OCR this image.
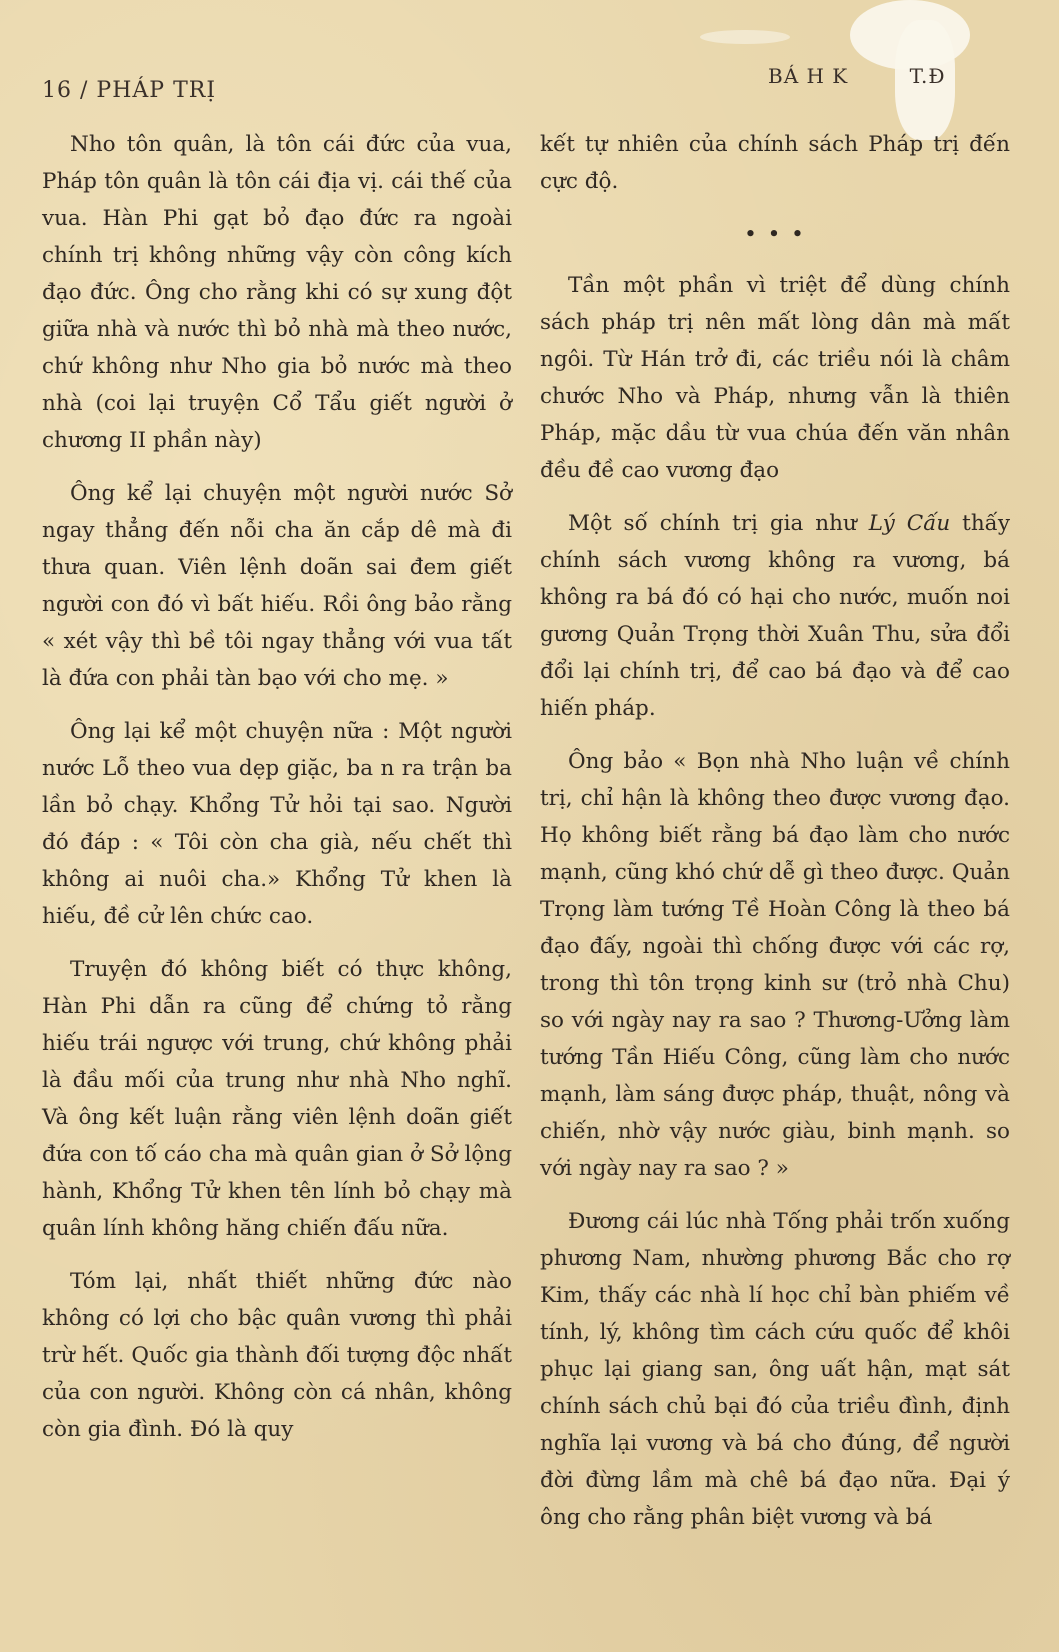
16 / PHÁP TRỊ
BÁ H K	T.Đ

Nho tôn quân, là tôn cái đức của vua, Pháp tôn quân là tôn cái địa vị. cái thế của vua. Hàn Phi gạt bỏ đạo đức ra ngoài chính trị không những vậy còn công kích đạo đức. Ông cho rằng khi có sự xung đột giữa nhà và nước thì bỏ nhà mà theo nước, chứ không như Nho gia bỏ nước mà theo nhà (coi lại truyện Cổ Tẩu giết người ở chương II phần này)

Ông kể lại chuyện một người nước Sở ngay thẳng đến nỗi cha ăn cắp dê mà đi thưa quan. Viên lệnh doãn sai đem giết người con đó vì bất hiếu. Rồi ông bảo rằng « xét vậy thì bề tôi ngay thẳng với vua tất là đứa con phải tàn bạo với cho mẹ. »

Ông lại kể một chuyện nữa : Một người nước Lỗ theo vua dẹp giặc, ba n ra trận ba lần bỏ chạy. Khổng Tử hỏi tại sao. Người đó đáp : « Tôi còn cha già, nếu chết thì không ai nuôi cha.» Khổng Tử khen là hiếu, đề cử lên chức cao.

Truyện đó không biết có thực không, Hàn Phi dẫn ra cũng để chứng tỏ rằng hiếu trái ngược với trung, chứ không phải là đầu mối của trung như nhà Nho nghĩ. Và ông kết luận rằng viên lệnh doãn giết đứa con tố cáo cha mà quân gian ở Sở lộng hành, Khổng Tử khen tên lính bỏ chạy mà quân lính không hăng chiến đấu nữa.

Tóm lại, nhất thiết những đức nào không có lợi cho bậc quân vương thì phải trừ hết. Quốc gia thành đối tượng độc nhất của con người. Không còn cá nhân, không còn gia đình. Đó là quy

kết tự nhiên của chính sách Pháp trị đến cực độ.

• • •

Tần một phần vì triệt để dùng chính sách pháp trị nên mất lòng dân mà mất ngôi. Từ Hán trở đi, các triều nói là châm chước Nho và Pháp, nhưng vẫn là thiên Pháp, mặc dầu từ vua chúa đến văn nhân đều đề cao vương đạo

Một số chính trị gia như Lý Cấu thấy chính sách vương không ra vương, bá không ra bá đó có hại cho nước, muốn noi gương Quản Trọng thời Xuân Thu, sửa đổi đổi lại chính trị, để cao bá đạo và để cao hiến pháp.

Ông bảo « Bọn nhà Nho luận về chính trị, chỉ hận là không theo được vương đạo. Họ không biết rằng bá đạo làm cho nước mạnh, cũng khó chứ dễ gì theo được. Quản Trọng làm tướng Tề Hoàn Công là theo bá đạo đấy, ngoài thì chống được với các rợ, trong thì tôn trọng kinh sư (trỏ nhà Chu) so với ngày nay ra sao ? Thương-Ưởng làm tướng Tần Hiếu Công, cũng làm cho nước mạnh, làm sáng được pháp, thuật, nông và chiến, nhờ vậy nước giàu, binh mạnh. so với ngày nay ra sao ? »

Đương cái lúc nhà Tống phải trốn xuống phương Nam, nhường phương Bắc cho rợ Kim, thấy các nhà lí học chỉ bàn phiếm về tính, lý, không tìm cách cứu quốc để khôi phục lại giang san, ông uất hận, mạt sát chính sách chủ bại đó của triều đình, định nghĩa lại vương và bá cho đúng, để người đời đừng lầm mà chê bá đạo nữa. Đại ý ông cho rằng phân biệt vương và bá
